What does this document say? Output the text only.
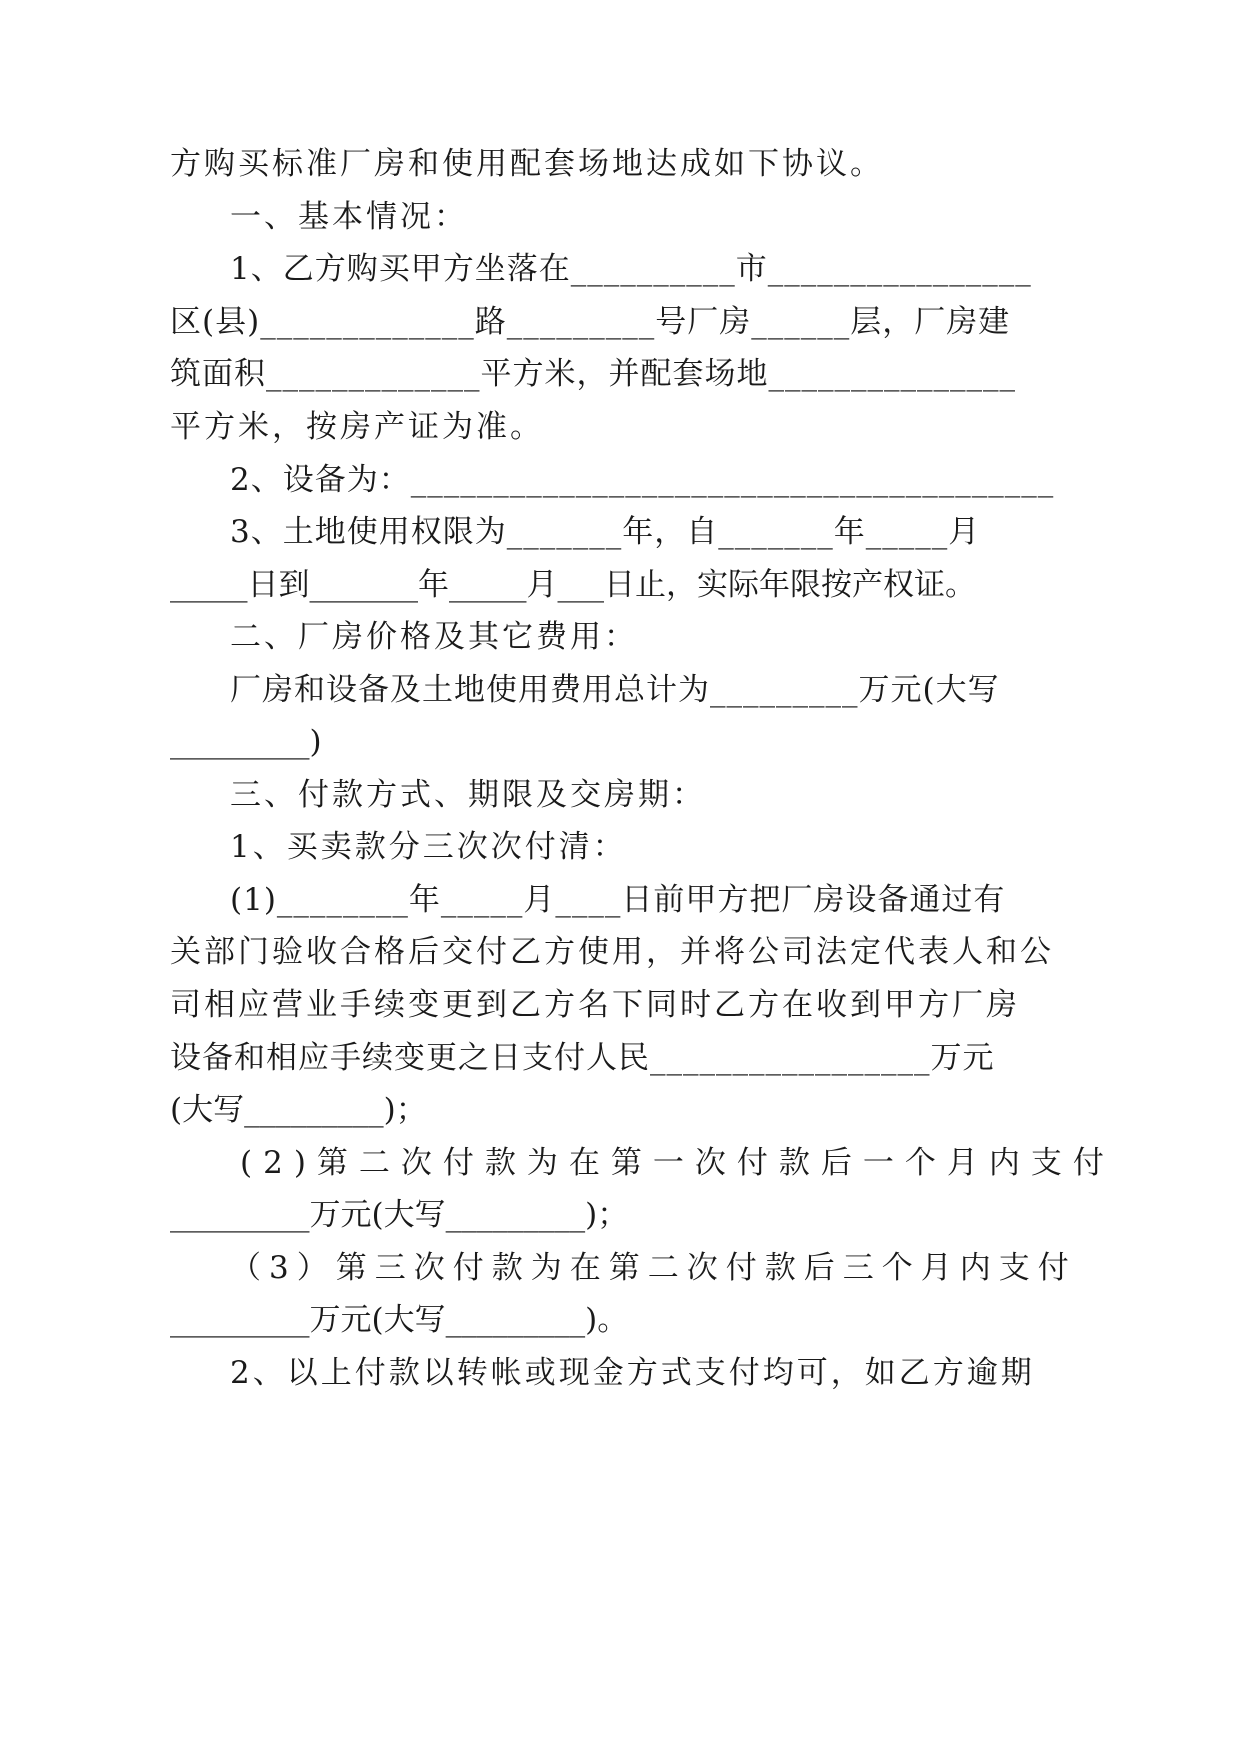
方购买标准厂房和使用配套场地达成如下协议。
一、基本情况：
1、乙方购买甲方坐落在__________市________________
区(县)_____________路_________号厂房______层，厂房建
筑面积_____________平方米，并配套场地_______________
平方米，按房产证为准。
2、设备为：_______________________________________
3、土地使用权限为_______年，自_______年_____月
_____日到_______年_____月___日止，实际年限按产权证。
二、厂房价格及其它费用：
厂房和设备及土地使用费用总计为_________万元(大写
_________)
三、付款方式、期限及交房期：
1、买卖款分三次次付清：
(1)________年_____月____日前甲方把厂房设备通过有
关部门验收合格后交付乙方使用，并将公司法定代表人和公
司相应营业手续变更到乙方名下同时乙方在收到甲方厂房
设备和相应手续变更之日支付人民_________________万元
(大写_________)；
(2)第二次付款为在第一次付款后一个月内支付
_________万元(大写_________)；
（3）第三次付款为在第二次付款后三个月内支付
_________万元(大写_________)。
2、以上付款以转帐或现金方式支付均可，如乙方逾期
